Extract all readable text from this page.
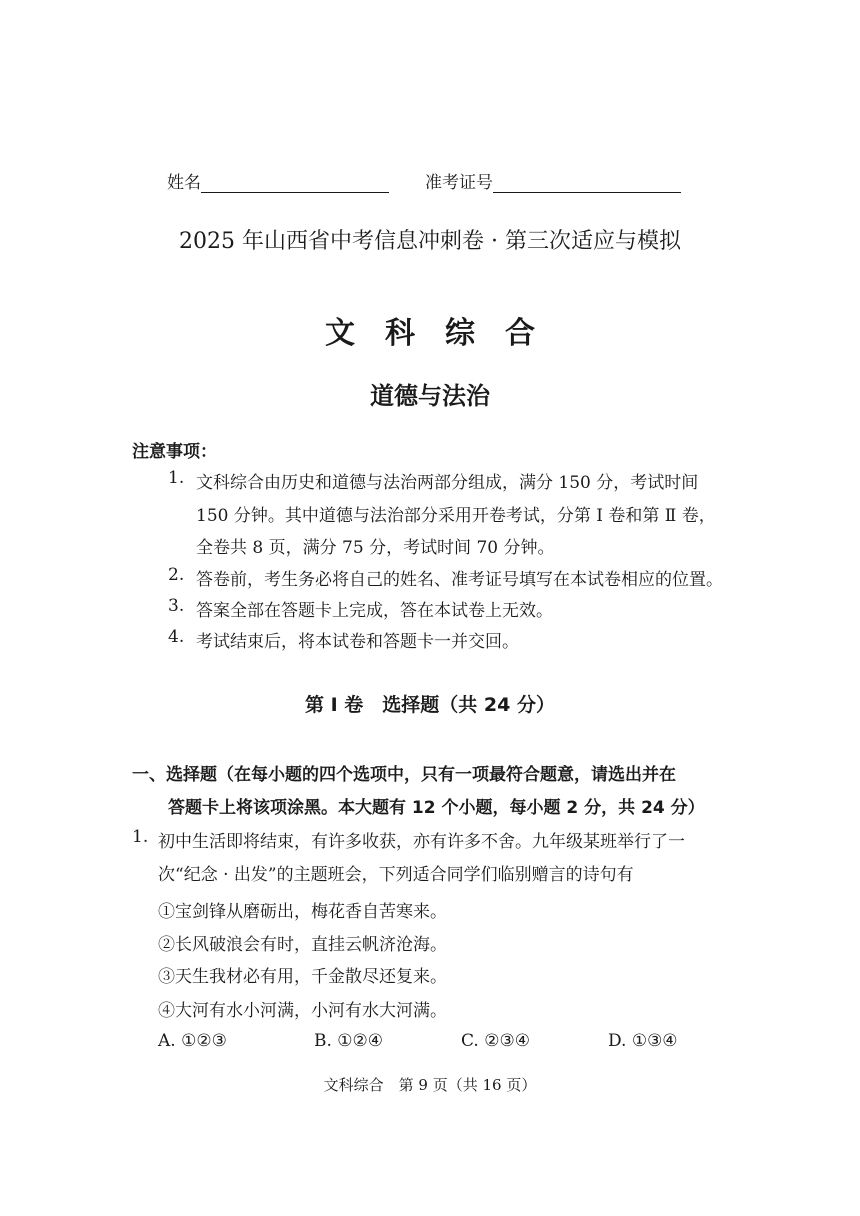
姓名	准考证号
2025 年山西省中考信息冲刺卷 · 第三次适应与模拟
文　科　综　合
道德与法治
注意事项：
1. 文科综合由历史和道德与法治两部分组成，满分 150 分，考试时间
150 分钟。其中道德与法治部分采用开卷考试，分第 Ⅰ 卷和第 Ⅱ 卷，
全卷共 8 页，满分 75 分，考试时间 70 分钟。
2. 答卷前，考生务必将自己的姓名、准考证号填写在本试卷相应的位置。
3. 答案全部在答题卡上完成，答在本试卷上无效。
4. 考试结束后，将本试卷和答题卡一并交回。
第 Ⅰ 卷　选择题（共 24 分）
一、选择题（在每小题的四个选项中，只有一项最符合题意，请选出并在
答题卡上将该项涂黑。本大题有 12 个小题，每小题 2 分，共 24 分）
1. 初中生活即将结束，有许多收获，亦有许多不舍。九年级某班举行了一
次“纪念 · 出发”的主题班会，下列适合同学们临别赠言的诗句有
①宝剑锋从磨砺出，梅花香自苦寒来。
②长风破浪会有时，直挂云帆济沧海。
③天生我材必有用，千金散尽还复来。
④大河有水小河满，小河有水大河满。
A. ①②③	B. ①②④	C. ②③④	D. ①③④
文科综合　第 9 页（共 16 页）
